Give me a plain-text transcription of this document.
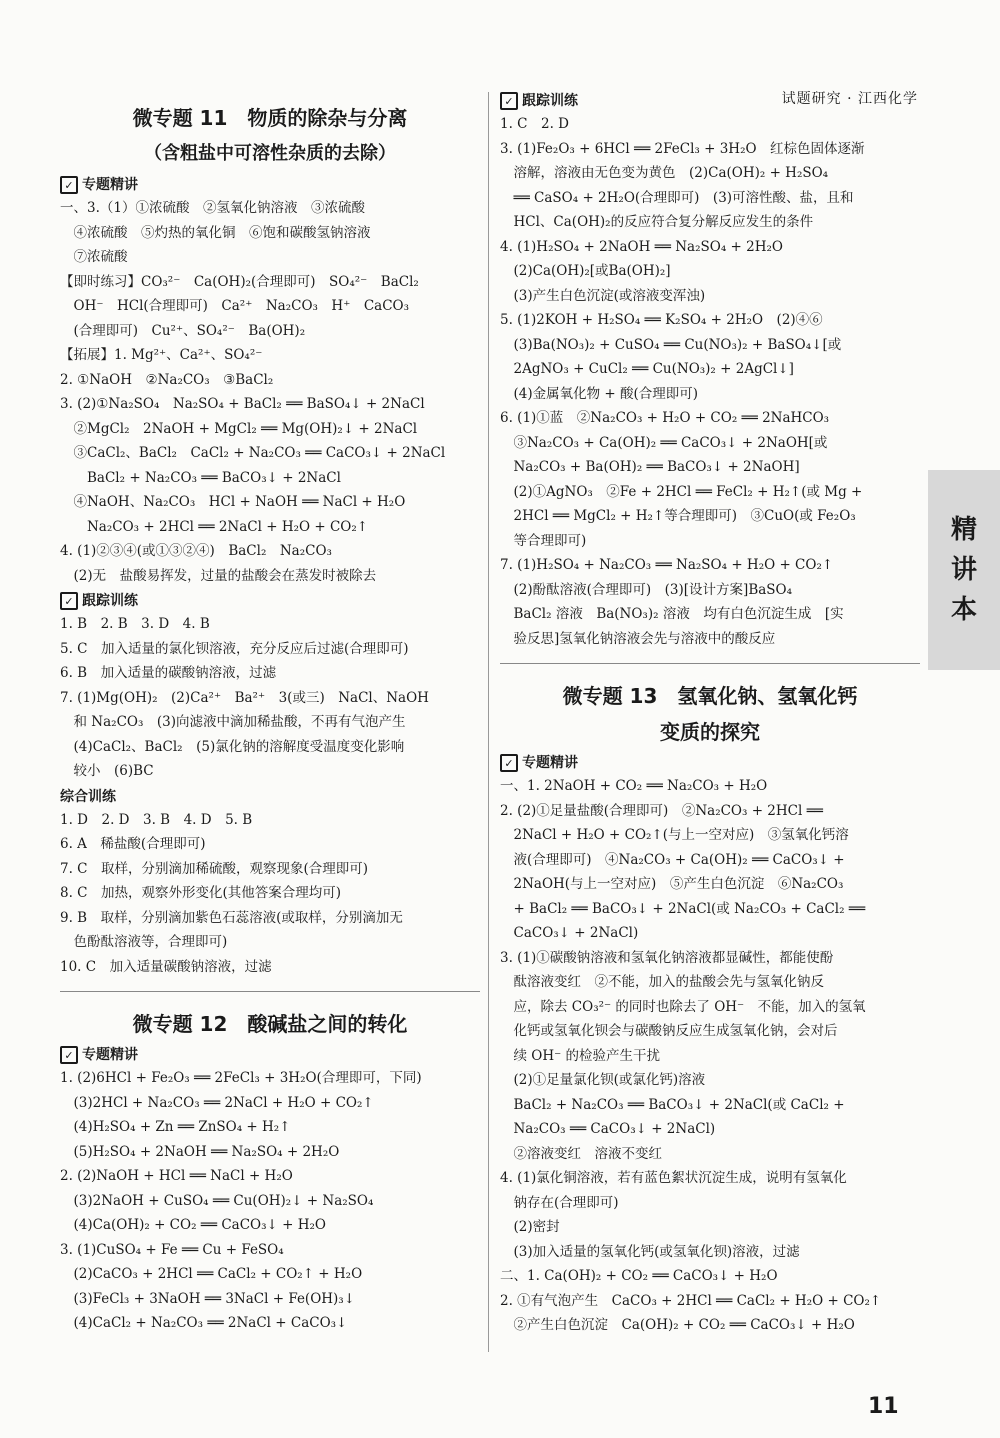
试题研究 · 江西化学
精
讲
本
微专题 11　物质的除杂与分离
（含粗盐中可溶性杂质的去除）
✓ 专题精讲
一、3.（1）①浓硫酸　②氢氧化钠溶液　③浓硫酸
　④浓硫酸　⑤灼热的氧化铜　⑥饱和碳酸氢钠溶液
　⑦浓硫酸
【即时练习】CO₃²⁻　Ca(OH)₂(合理即可)　SO₄²⁻　BaCl₂
　OH⁻　HCl(合理即可)　Ca²⁺　Na₂CO₃　H⁺　CaCO₃
　(合理即可)　Cu²⁺、SO₄²⁻　Ba(OH)₂
【拓展】1. Mg²⁺、Ca²⁺、SO₄²⁻
2. ①NaOH　②Na₂CO₃　③BaCl₂
3. (2)①Na₂SO₄　Na₂SO₄ + BaCl₂ ══ BaSO₄↓ + 2NaCl
　②MgCl₂　2NaOH + MgCl₂ ══ Mg(OH)₂↓ + 2NaCl
　③CaCl₂、BaCl₂　CaCl₂ + Na₂CO₃ ══ CaCO₃↓ + 2NaCl
　　BaCl₂ + Na₂CO₃ ══ BaCO₃↓ + 2NaCl
　④NaOH、Na₂CO₃　HCl + NaOH ══ NaCl + H₂O
　　Na₂CO₃ + 2HCl ══ 2NaCl + H₂O + CO₂↑
4. (1)②③④(或①③②④)　BaCl₂　Na₂CO₃
　(2)无　盐酸易挥发，过量的盐酸会在蒸发时被除去
✓ 跟踪训练
1. B　2. B　3. D　4. B
5. C　加入适量的氯化钡溶液，充分反应后过滤(合理即可)
6. B　加入适量的碳酸钠溶液，过滤
7. (1)Mg(OH)₂　(2)Ca²⁺　Ba²⁺　3(或三)　NaCl、NaOH
　和 Na₂CO₃　(3)向滤液中滴加稀盐酸，不再有气泡产生
　(4)CaCl₂、BaCl₂　(5)氯化钠的溶解度受温度变化影响
　较小　(6)BC
综合训练
1. D　2. D　3. B　4. D　5. B
6. A　稀盐酸(合理即可)
7. C　取样，分别滴加稀硫酸，观察现象(合理即可)
8. C　加热，观察外形变化(其他答案合理均可)
9. B　取样，分别滴加紫色石蕊溶液(或取样，分别滴加无
　色酚酞溶液等，合理即可)
10. C　加入适量碳酸钠溶液，过滤
微专题 12　酸碱盐之间的转化
✓ 专题精讲
1. (2)6HCl + Fe₂O₃ ══ 2FeCl₃ + 3H₂O(合理即可，下同)
　(3)2HCl + Na₂CO₃ ══ 2NaCl + H₂O + CO₂↑
　(4)H₂SO₄ + Zn ══ ZnSO₄ + H₂↑
　(5)H₂SO₄ + 2NaOH ══ Na₂SO₄ + 2H₂O
2. (2)NaOH + HCl ══ NaCl + H₂O
　(3)2NaOH + CuSO₄ ══ Cu(OH)₂↓ + Na₂SO₄
　(4)Ca(OH)₂ + CO₂ ══ CaCO₃↓ + H₂O
3. (1)CuSO₄ + Fe ══ Cu + FeSO₄
　(2)CaCO₃ + 2HCl ══ CaCl₂ + CO₂↑ + H₂O
　(3)FeCl₃ + 3NaOH ══ 3NaCl + Fe(OH)₃↓
　(4)CaCl₂ + Na₂CO₃ ══ 2NaCl + CaCO₃↓
✓ 跟踪训练
1. C　2. D
3. (1)Fe₂O₃ + 6HCl ══ 2FeCl₃ + 3H₂O　红棕色固体逐渐
　溶解，溶液由无色变为黄色　(2)Ca(OH)₂ + H₂SO₄
　══ CaSO₄ + 2H₂O(合理即可)　(3)可溶性酸、盐，且和
　HCl、Ca(OH)₂的反应符合复分解反应发生的条件
4. (1)H₂SO₄ + 2NaOH ══ Na₂SO₄ + 2H₂O
　(2)Ca(OH)₂[或Ba(OH)₂]
　(3)产生白色沉淀(或溶液变浑浊)
5. (1)2KOH + H₂SO₄ ══ K₂SO₄ + 2H₂O　(2)④⑥
　(3)Ba(NO₃)₂ + CuSO₄ ══ Cu(NO₃)₂ + BaSO₄↓[或
　2AgNO₃ + CuCl₂ ══ Cu(NO₃)₂ + 2AgCl↓]
　(4)金属氧化物 + 酸(合理即可)
6. (1)①蓝　②Na₂CO₃ + H₂O + CO₂ ══ 2NaHCO₃
　③Na₂CO₃ + Ca(OH)₂ ══ CaCO₃↓ + 2NaOH[或
　Na₂CO₃ + Ba(OH)₂ ══ BaCO₃↓ + 2NaOH]
　(2)①AgNO₃　②Fe + 2HCl ══ FeCl₂ + H₂↑(或 Mg +
　2HCl ══ MgCl₂ + H₂↑等合理即可)　③CuO(或 Fe₂O₃
　等合理即可)
7. (1)H₂SO₄ + Na₂CO₃ ══ Na₂SO₄ + H₂O + CO₂↑
　(2)酚酞溶液(合理即可)　(3)[设计方案]BaSO₄
　BaCl₂ 溶液　Ba(NO₃)₂ 溶液　均有白色沉淀生成　[实
　验反思]氢氧化钠溶液会先与溶液中的酸反应
微专题 13　氢氧化钠、氢氧化钙
变质的探究
✓ 专题精讲
一、1. 2NaOH + CO₂ ══ Na₂CO₃ + H₂O
2. (2)①足量盐酸(合理即可)　②Na₂CO₃ + 2HCl ══
　2NaCl + H₂O + CO₂↑(与上一空对应)　③氢氧化钙溶
　液(合理即可)　④Na₂CO₃ + Ca(OH)₂ ══ CaCO₃↓ +
　2NaOH(与上一空对应)　⑤产生白色沉淀　⑥Na₂CO₃
　+ BaCl₂ ══ BaCO₃↓ + 2NaCl(或 Na₂CO₃ + CaCl₂ ══
　CaCO₃↓ + 2NaCl)
3. (1)①碳酸钠溶液和氢氧化钠溶液都显碱性，都能使酚
　酞溶液变红　②不能，加入的盐酸会先与氢氧化钠反
　应，除去 CO₃²⁻ 的同时也除去了 OH⁻　不能，加入的氢氧
　化钙或氢氧化钡会与碳酸钠反应生成氢氧化钠，会对后
　续 OH⁻ 的检验产生干扰
　(2)①足量氯化钡(或氯化钙)溶液
　BaCl₂ + Na₂CO₃ ══ BaCO₃↓ + 2NaCl(或 CaCl₂ +
　Na₂CO₃ ══ CaCO₃↓ + 2NaCl)
　②溶液变红　溶液不变红
4. (1)氯化铜溶液，若有蓝色絮状沉淀生成，说明有氢氧化
　钠存在(合理即可)
　(2)密封
　(3)加入适量的氢氧化钙(或氢氧化钡)溶液，过滤
二、1. Ca(OH)₂ + CO₂ ══ CaCO₃↓ + H₂O
2. ①有气泡产生　CaCO₃ + 2HCl ══ CaCl₂ + H₂O + CO₂↑
　②产生白色沉淀　Ca(OH)₂ + CO₂ ══ CaCO₃↓ + H₂O
11
